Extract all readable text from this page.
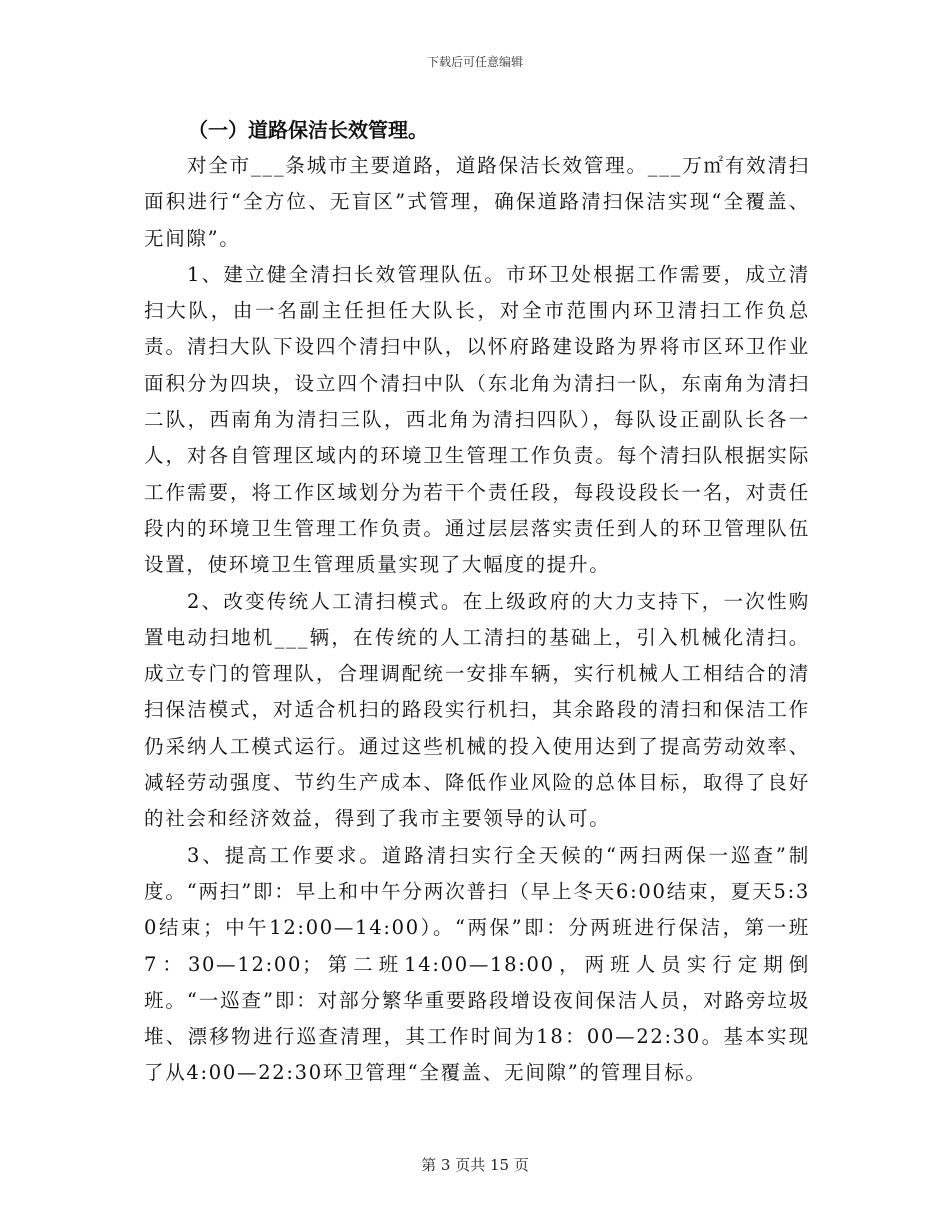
下载后可任意编辑
（一）道路保洁长效管理。

对全市___条城市主要道路，道路保洁长效管理。___万㎡有效清扫面积进行“全方位、无盲区”式管理，确保道路清扫保洁实现“全覆盖、无间隙”。

1、建立健全清扫长效管理队伍。市环卫处根据工作需要，成立清扫大队，由一名副主任担任大队长，对全市范围内环卫清扫工作负总责。清扫大队下设四个清扫中队，以怀府路建设路为界将市区环卫作业面积分为四块，设立四个清扫中队（东北角为清扫一队，东南角为清扫二队，西南角为清扫三队，西北角为清扫四队），每队设正副队长各一人，对各自管理区域内的环境卫生管理工作负责。每个清扫队根据实际工作需要，将工作区域划分为若干个责任段，每段设段长一名，对责任段内的环境卫生管理工作负责。通过层层落实责任到人的环卫管理队伍设置，使环境卫生管理质量实现了大幅度的提升。

2、改变传统人工清扫模式。在上级政府的大力支持下，一次性购置电动扫地机___辆，在传统的人工清扫的基础上，引入机械化清扫。成立专门的管理队，合理调配统一安排车辆，实行机械人工相结合的清扫保洁模式，对适合机扫的路段实行机扫，其余路段的清扫和保洁工作仍采纳人工模式运行。通过这些机械的投入使用达到了提高劳动效率、减轻劳动强度、节约生产成本、降低作业风险的总体目标，取得了良好的社会和经济效益，得到了我市主要领导的认可。

3、提高工作要求。道路清扫实行全天候的“两扫两保一巡查”制度。“两扫”即：早上和中午分两次普扫（早上冬天6:00结束，夏天5:30结束；中午12:00—14:00）。“两保”即：分两班进行保洁，第一班7：30—12:00；第二班14:00—18:00，两班人员实行定期倒班。“一巡查”即：对部分繁华重要路段增设夜间保洁人员，对路旁垃圾堆、漂移物进行巡查清理，其工作时间为18：00—22:30。基本实现了从4:00—22:30环卫管理“全覆盖、无间隙”的管理目标。

第 3 页共 15 页
